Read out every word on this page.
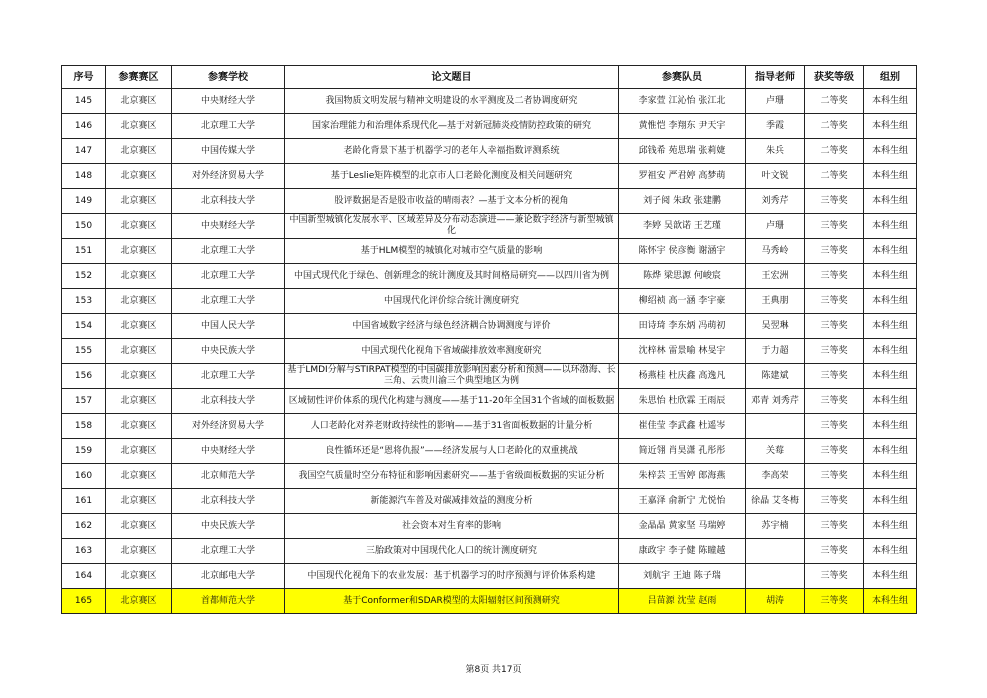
序号	参赛赛区	参赛学校	论文题目	参赛队员	指导老师	获奖等级	组别
145	北京赛区	中央财经大学	我国物质文明发展与精神文明建设的水平测度及二者协调度研究	李家萱 江沁怡 张江北	卢珊	二等奖	本科生组
146	北京赛区	北京理工大学	国家治理能力和治理体系现代化—基于对新冠肺炎疫情防控政策的研究	黄惟恺 李翔东 尹天宇	季霞	二等奖	本科生组
147	北京赛区	中国传媒大学	老龄化背景下基于机器学习的老年人幸福指数评测系统	邱钱希 苑思瑞 张莉婕	朱兵	二等奖	本科生组
148	北京赛区	对外经济贸易大学	基于Leslie矩阵模型的北京市人口老龄化测度及相关问题研究	罗祖安 严君婷 高梦萌	叶文锐	二等奖	本科生组
149	北京赛区	北京科技大学	股评数据是否是股市收益的晴雨表？—基于文本分析的视角	刘子阅 朱政 张建鹏	刘秀芹	三等奖	本科生组
150	北京赛区	中央财经大学	中国新型城镇化发展水平、区域差异及分布动态演进——兼论数字经济与新型城镇化	李婷 吴歆诺 王艺瑾	卢珊	三等奖	本科生组
151	北京赛区	北京理工大学	基于HLM模型的城镇化对城市空气质量的影响	陈怀宇 侯彦衡 谢涵宇	马秀岭	三等奖	本科生组
152	北京赛区	北京理工大学	中国式现代化于绿色、创新理念的统计测度及其时间格局研究——以四川省为例	陈烨 梁思源 何峻宸	王宏洲	三等奖	本科生组
153	北京赛区	北京理工大学	中国现代化评价综合统计测度研究	柳绍祯 高一涵 李宇豪	王典朋	三等奖	本科生组
154	北京赛区	中国人民大学	中国省域数字经济与绿色经济耦合协调测度与评价	田诗琦 李东炳 冯萌初	吴翌琳	三等奖	本科生组
155	北京赛区	中央民族大学	中国式现代化视角下省域碳排放效率测度研究	沈梓林 雷景喻 林旻宇	于力超	三等奖	本科生组
156	北京赛区	北京理工大学	基于LMDI分解与STIRPAT模型的中国碳排放影响因素分析和预测——以环渤海、长三角、云贵川渝三个典型地区为例	杨燕桂 杜庆鑫 高逸凡	陈建斌	三等奖	本科生组
157	北京赛区	北京科技大学	区域韧性评价体系的现代化构建与测度——基于11-20年全国31个省域的面板数据	朱思怡 杜欣霖 王雨辰	邓青 刘秀芹	三等奖	本科生组
158	北京赛区	对外经济贸易大学	人口老龄化对养老财政持续性的影响——基于31省面板数据的计量分析	崔佳莹 李武鑫 杜遥岑		三等奖	本科生组
159	北京赛区	中央财经大学	良性循环还是“恩将仇报”——经济发展与人口老龄化的双重挑战	简近翎 肖昊潇 孔彤彤	关莓	三等奖	本科生组
160	北京赛区	北京师范大学	我国空气质量时空分布特征和影响因素研究——基于省级面板数据的实证分析	朱梓芸 王雪婷 郎海燕	李高荣	三等奖	本科生组
161	北京赛区	北京科技大学	新能源汽车普及对碳减排效益的测度分析	王嘉泽 俞新宁 尤悦怡	徐晶 艾冬梅	三等奖	本科生组
162	北京赛区	中央民族大学	社会资本对生育率的影响	金晶晶 黄家坚 马瑞婷	苏宇楠	三等奖	本科生组
163	北京赛区	北京理工大学	三胎政策对中国现代化人口的统计测度研究	康政宇 李子健 陈瞳越		三等奖	本科生组
164	北京赛区	北京邮电大学	中国现代化视角下的农业发展：基于机器学习的时序预测与评价体系构建	刘航宇 王迪 陈子瑞		三等奖	本科生组
165	北京赛区	首都师范大学	基于Conformer和SDAR模型的太阳辐射区间预测研究	吕苗源 沈莹 赵雨	胡涛	三等奖	本科生组
第8页 共17页
